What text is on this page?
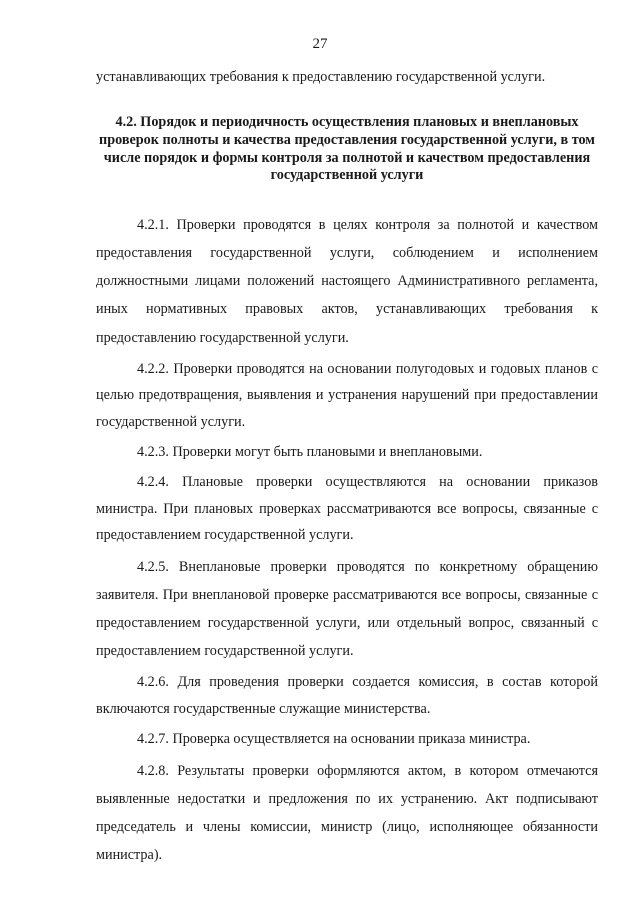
27

устанавливающих требования к предоставлению государственной услуги.

4.2. Порядок и периодичность осуществления плановых и внеплановых проверок полноты и качества предоставления государственной услуги, в том числе порядок и формы контроля за полнотой и качеством предоставления государственной услуги

4.2.1. Проверки проводятся в целях контроля за полнотой и качеством предоставления государственной услуги, соблюдением и исполнением должностными лицами положений настоящего Административного регламента, иных нормативных правовых актов, устанавливающих требования к предоставлению государственной услуги.

4.2.2. Проверки проводятся на основании полугодовых и годовых планов с целью предотвращения, выявления и устранения нарушений при предоставлении государственной услуги.

4.2.3. Проверки могут быть плановыми и внеплановыми.

4.2.4. Плановые проверки осуществляются на основании приказов министра. При плановых проверках рассматриваются все вопросы, связанные с предоставлением государственной услуги.

4.2.5. Внеплановые проверки проводятся по конкретному обращению заявителя. При внеплановой проверке рассматриваются все вопросы, связанные с предоставлением государственной услуги, или отдельный вопрос, связанный с предоставлением государственной услуги.

4.2.6. Для проведения проверки создается комиссия, в состав которой включаются государственные служащие министерства.

4.2.7. Проверка осуществляется на основании приказа министра.

4.2.8. Результаты проверки оформляются актом, в котором отмечаются выявленные недостатки и предложения по их устранению. Акт подписывают председатель и члены комиссии, министр (лицо, исполняющее обязанности министра).
